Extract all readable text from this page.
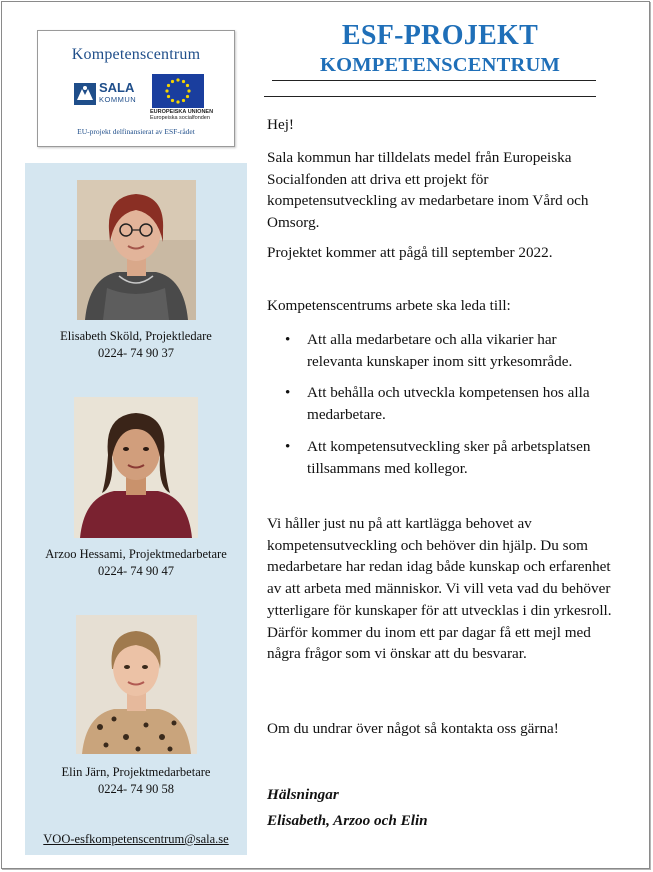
Kompetenscentrum
SALA
KOMMUN
EUROPEISKA UNIONEN
Europeiska socialfonden
EU-projekt delfinansierat av ESF-rådet
Elisabeth Sköld, Projektledare
0224- 74 90 37
Arzoo Hessami, Projektmedarbetare
0224- 74 90 47
Elin Järn, Projektmedarbetare
0224- 74 90 58
VOO-esfkompetenscentrum@sala.se
ESF-PROJEKT
KOMPETENSCENTRUM

Hej!

Sala kommun har tilldelats medel från Europeiska Socialfonden att driva ett projekt för kompetensutveckling av medarbetare inom Vård och Omsorg.

Projektet kommer att pågå till september 2022.

Kompetenscentrums arbete ska leda till:

• Att alla medarbetare och alla vikarier har relevanta kunskaper inom sitt yrkesområde.
• Att behålla och utveckla kompetensen hos alla medarbetare.
• Att kompetensutveckling sker på arbetsplatsen tillsammans med kollegor.

Vi håller just nu på att kartlägga behovet av kompetensutveckling och behöver din hjälp. Du som medarbetare har redan idag både kunskap och erfarenhet av att arbeta med människor. Vi vill veta vad du behöver ytterligare för kunskaper för att utvecklas i din yrkesroll. Därför kommer du inom ett par dagar få ett mejl med några frågor som vi önskar att du besvarar.

Om du undrar över något så kontakta oss gärna!

Hälsningar

Elisabeth, Arzoo och Elin
